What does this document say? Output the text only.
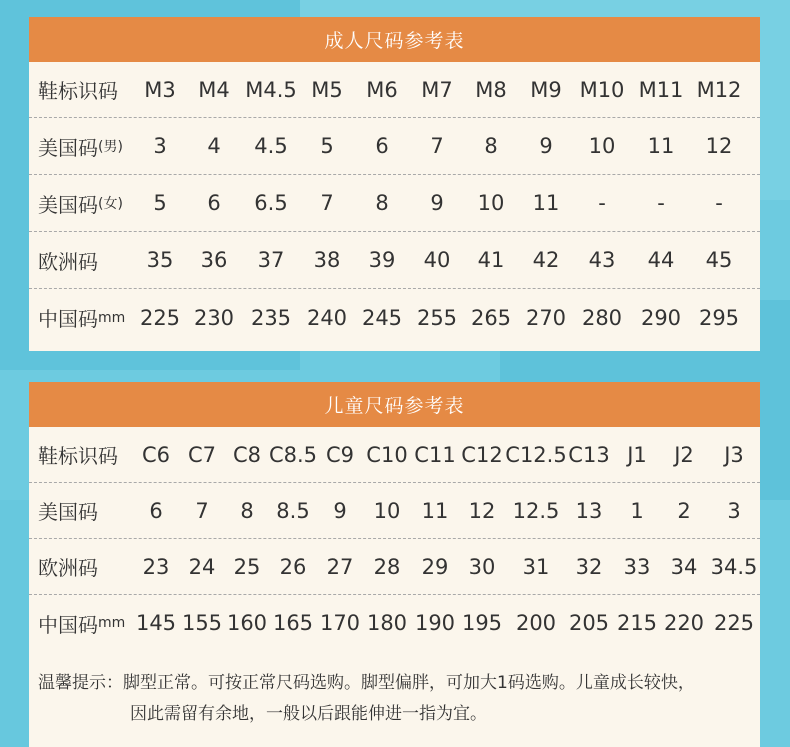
成人尺码参考表
鞋标识码	M3	M4 M4.5 M5	M6	M7	M8	M9 M10 M11 M12
美国码 (男)	3	4	4.5	5	6	7	8	9	10	11	12
美国码 (女)	5	6	6.5	7	8	9	10	11	-	-	-
欧洲码	35	36	37	38	39	40	41	42	43	44	45
中国码 mm 225 230 235 240 245 255 265 270 280 290 295
儿童尺码参考表
鞋标识码	C6 C7 C8 C8.5 C9 C10 C11 C12 C12.5 C13 J1	J2	J3
美国码	6	7	8	8.5	9	10	11 12 12.5 13	1	2	3
欧洲码	23 24 25 26 27 28	29 30	31	32	33 34 34.5
中国码 mm 145 155 160 165 170 180 190 195 200 205 215 220 225
温馨提示：脚型正常。可按正常尺码选购。脚型偏胖，可加大1码选购。儿童成长较快，
因此需留有余地，一般以后跟能伸进一指为宜。
